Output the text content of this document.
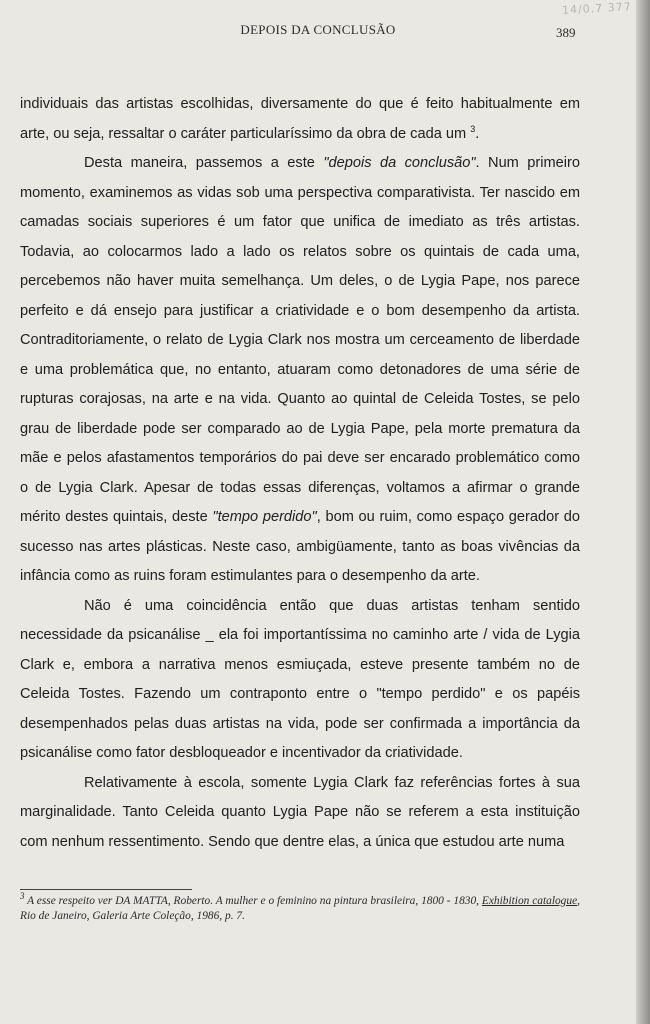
14/0.7 377
DEPOIS DA CONCLUSÃO	389

individuais das artistas escolhidas, diversamente do que é feito habitualmente em arte, ou seja, ressaltar o caráter particularíssimo da obra de cada um $^3$.

Desta maneira, passemos a este "depois da conclusão". Num primeiro momento, examinemos as vidas sob uma perspectiva comparativista. Ter nascido em camadas sociais superiores é um fator que unifica de imediato as três artistas. Todavia, ao colocarmos lado a lado os relatos sobre os quintais de cada uma, percebemos não haver muita semelhança. Um deles, o de Lygia Pape, nos parece perfeito e dá ensejo para justificar a criatividade e o bom desempenho da artista. Contraditoriamente, o relato de Lygia Clark nos mostra um cerceamento de liberdade e uma problemática que, no entanto, atuaram como detonadores de uma série de rupturas corajosas, na arte e na vida. Quanto ao quintal de Celeida Tostes, se pelo grau de liberdade pode ser comparado ao de Lygia Pape, pela morte prematura da mãe e pelos afastamentos temporários do pai deve ser encarado problemático como o de Lygia Clark. Apesar de todas essas diferenças, voltamos a afirmar o grande mérito destes quintais, deste "tempo perdido", bom ou ruim, como espaço gerador do sucesso nas artes plásticas. Neste caso, ambigüamente, tanto as boas vivências da infância como as ruins foram estimulantes para o desempenho da arte.

Não é uma coincidência então que duas artistas tenham sentido necessidade da psicanálise _ ela foi importantíssima no caminho arte / vida de Lygia Clark e, embora a narrativa menos esmiuçada, esteve presente também no de Celeida Tostes. Fazendo um contraponto entre o "tempo perdido" e os papéis desempenhados pelas duas artistas na vida, pode ser confirmada a importância da psicanálise como fator desbloqueador e incentivador da criatividade.

Relativamente à escola, somente Lygia Clark faz referências fortes à sua marginalidade. Tanto Celeida quanto Lygia Pape não se referem a esta instituição com nenhum ressentimento. Sendo que dentre elas, a única que estudou arte numa

$^3$ A esse respeito ver DA MATTA, Roberto. A mulher e o feminino na pintura brasileira, 1800 - 1830, Exhibition catalogue, Rio de Janeiro, Galeria Arte Coleção, 1986, p. 7.
